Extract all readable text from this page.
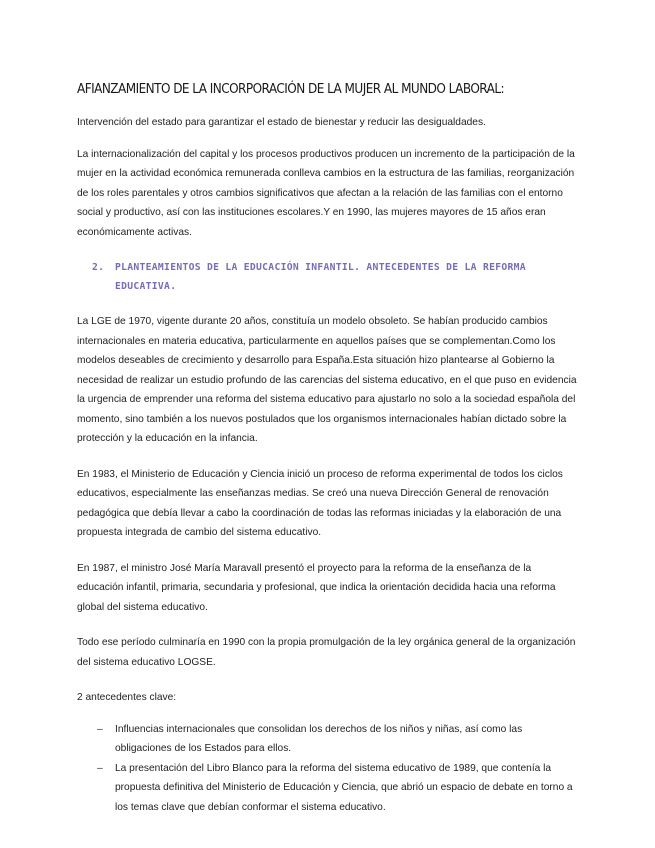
AFIANZAMIENTO DE LA INCORPORACIÓN DE LA MUJER AL MUNDO LABORAL:

Intervención del estado para garantizar el estado de bienestar y reducir las desigualdades.

La internacionalización del capital y los procesos productivos producen un incremento de la participación de la mujer en la actividad económica remunerada conlleva cambios en la estructura de las familias, reorganización de los roles parentales y otros cambios significativos que afectan a la relación de las familias con el entorno social y productivo, así con las instituciones escolares.Y en 1990, las mujeres mayores de 15 años eran económicamente activas.

2. PLANTEAMIENTOS DE LA EDUCACIÓN INFANTIL. ANTECEDENTES DE LA REFORMA EDUCATIVA.

La LGE de 1970, vigente durante 20 años, constituía un modelo obsoleto. Se habían producido cambios internacionales en materia educativa, particularmente en aquellos países que se complementan.Como los modelos deseables de crecimiento y desarrollo para España.Esta situación hizo plantearse al Gobierno la necesidad de realizar un estudio profundo de las carencias del sistema educativo, en el que puso en evidencia la urgencia de emprender una reforma del sistema educativo para ajustarlo no solo a la sociedad española del momento, sino también a los nuevos postulados que los organismos internacionales habían dictado sobre la protección y la educación en la infancia.

En 1983, el Ministerio de Educación y Ciencia inició un proceso de reforma experimental de todos los ciclos educativos, especialmente las enseñanzas medias. Se creó una nueva Dirección General de renovación pedagógica que debía llevar a cabo la coordinación de todas las reformas iniciadas y la elaboración de una propuesta integrada de cambio del sistema educativo.

En 1987, el ministro José María Maravall presentó el proyecto para la reforma de la enseñanza de la educación infantil, primaria, secundaria y profesional, que indica la orientación decidida hacia una reforma global del sistema educativo.

Todo ese período culminaría en 1990 con la propia promulgación de la ley orgánica general de la organización del sistema educativo LOGSE.

2 antecedentes clave:

– Influencias internacionales que consolidan los derechos de los niños y niñas, así como las obligaciones de los Estados para ellos.
– La presentación del Libro Blanco para la reforma del sistema educativo de 1989, que contenía la propuesta definitiva del Ministerio de Educación y Ciencia, que abrió un espacio de debate en torno a los temas clave que debían conformar el sistema educativo.
